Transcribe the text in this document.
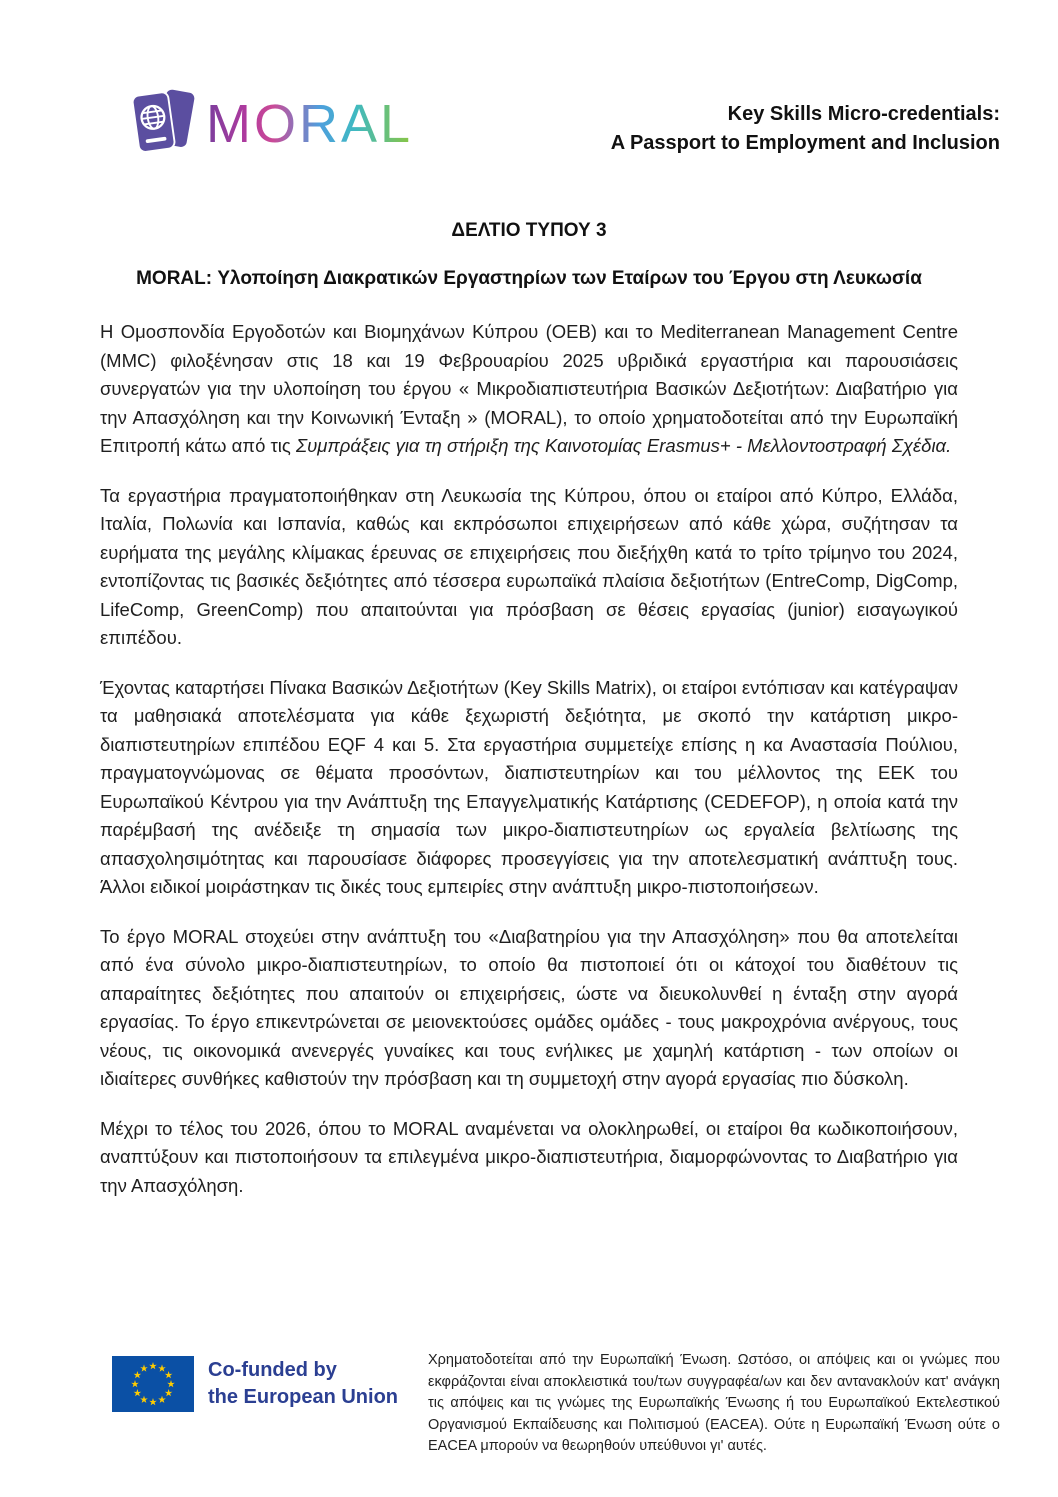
MORAL	Key Skills Micro-credentials:
A Passport to Employment and Inclusion
ΔΕΛΤΙΟ ΤΥΠΟΥ 3
MORAL: Υλοποίηση Διακρατικών Εργαστηρίων των Εταίρων του Έργου στη Λευκωσία

Η Ομοσπονδία Εργοδοτών και Βιομηχάνων Κύπρου (ΟΕΒ) και το Mediterranean Management Centre (MMC) φιλοξένησαν στις 18 και 19 Φεβρουαρίου 2025 υβριδικά εργαστήρια και παρουσιάσεις συνεργατών για την υλοποίηση του έργου « Μικροδιαπιστευτήρια Βασικών Δεξιοτήτων: Διαβατήριο για την Απασχόληση και την Κοινωνική Ένταξη » (MORAL), το οποίο χρηματοδοτείται από την Ευρωπαϊκή Επιτροπή κάτω από τις Συμπράξεις για τη στήριξη της Καινοτομίας Erasmus+ - Μελλοντοστραφή Σχέδια.

Τα εργαστήρια πραγματοποιήθηκαν στη Λευκωσία της Κύπρου, όπου οι εταίροι από Κύπρο, Ελλάδα, Ιταλία, Πολωνία και Ισπανία, καθώς και εκπρόσωποι επιχειρήσεων από κάθε χώρα, συζήτησαν τα ευρήματα της μεγάλης κλίμακας έρευνας σε επιχειρήσεις που διεξήχθη κατά το τρίτο τρίμηνο του 2024, εντοπίζοντας τις βασικές δεξιότητες από τέσσερα ευρωπαϊκά πλαίσια δεξιοτήτων (EntreComp, DigComp, LifeComp, GreenComp) που απαιτούνται για πρόσβαση σε θέσεις εργασίας (junior) εισαγωγικού επιπέδου.

Έχοντας καταρτήσει Πίνακα Βασικών Δεξιοτήτων (Key Skills Matrix), οι εταίροι εντόπισαν και κατέγραψαν τα μαθησιακά αποτελέσματα για κάθε ξεχωριστή δεξιότητα, με σκοπό την κατάρτιση μικρο-διαπιστευτηρίων επιπέδου EQF 4 και 5. Στα εργαστήρια συμμετείχε επίσης η κα Αναστασία Πούλιου, πραγματογνώμονας σε θέματα προσόντων, διαπιστευτηρίων και του μέλλοντος της ΕΕΚ του Ευρωπαϊκού Κέντρου για την Ανάπτυξη της Επαγγελματικής Κατάρτισης (CEDEFOP), η οποία κατά την παρέμβασή της ανέδειξε τη σημασία των μικρο-διαπιστευτηρίων ως εργαλεία βελτίωσης της απασχολησιμότητας και παρουσίασε διάφορες προσεγγίσεις για την αποτελεσματική ανάπτυξη τους. Άλλοι ειδικοί μοιράστηκαν τις δικές τους εμπειρίες στην ανάπτυξη μικρο-πιστοποιήσεων.

Το έργο MORAL στοχεύει στην ανάπτυξη του «Διαβατηρίου για την Απασχόληση» που θα αποτελείται από ένα σύνολο μικρο-διαπιστευτηρίων, το οποίο θα πιστοποιεί ότι οι κάτοχοί του διαθέτουν τις απαραίτητες δεξιότητες που απαιτούν οι επιχειρήσεις, ώστε να διευκολυνθεί η ένταξη στην αγορά εργασίας. Το έργο επικεντρώνεται σε μειονεκτούσες ομάδες ομάδες - τους μακροχρόνια ανέργους, τους νέους, τις οικονομικά ανενεργές γυναίκες και τους ενήλικες με χαμηλή κατάρτιση - των οποίων οι ιδιαίτερες συνθήκες καθιστούν την πρόσβαση και τη συμμετοχή στην αγορά εργασίας πιο δύσκολη.

Μέχρι το τέλος του 2026, όπου το MORAL αναμένεται να ολοκληρωθεί, οι εταίροι θα κωδικοποιήσουν, αναπτύξουν και πιστοποιήσουν τα επιλεγμένα μικρο-διαπιστευτήρια, διαμορφώνοντας το Διαβατήριο για την Απασχόληση.

Co-funded by
the European Union
Χρηματοδοτείται από την Ευρωπαϊκή Ένωση. Ωστόσο, οι απόψεις και οι γνώμες που εκφράζονται είναι αποκλειστικά του/των συγγραφέα/ων και δεν αντανακλούν κατ' ανάγκη τις απόψεις και τις γνώμες της Ευρωπαϊκής Ένωσης ή του Ευρωπαϊκού Εκτελεστικού Οργανισμού Εκπαίδευσης και Πολιτισμού (EACEA). Ούτε η Ευρωπαϊκή Ένωση ούτε ο EACEA μπορούν να θεωρηθούν υπεύθυνοι γι' αυτές.
